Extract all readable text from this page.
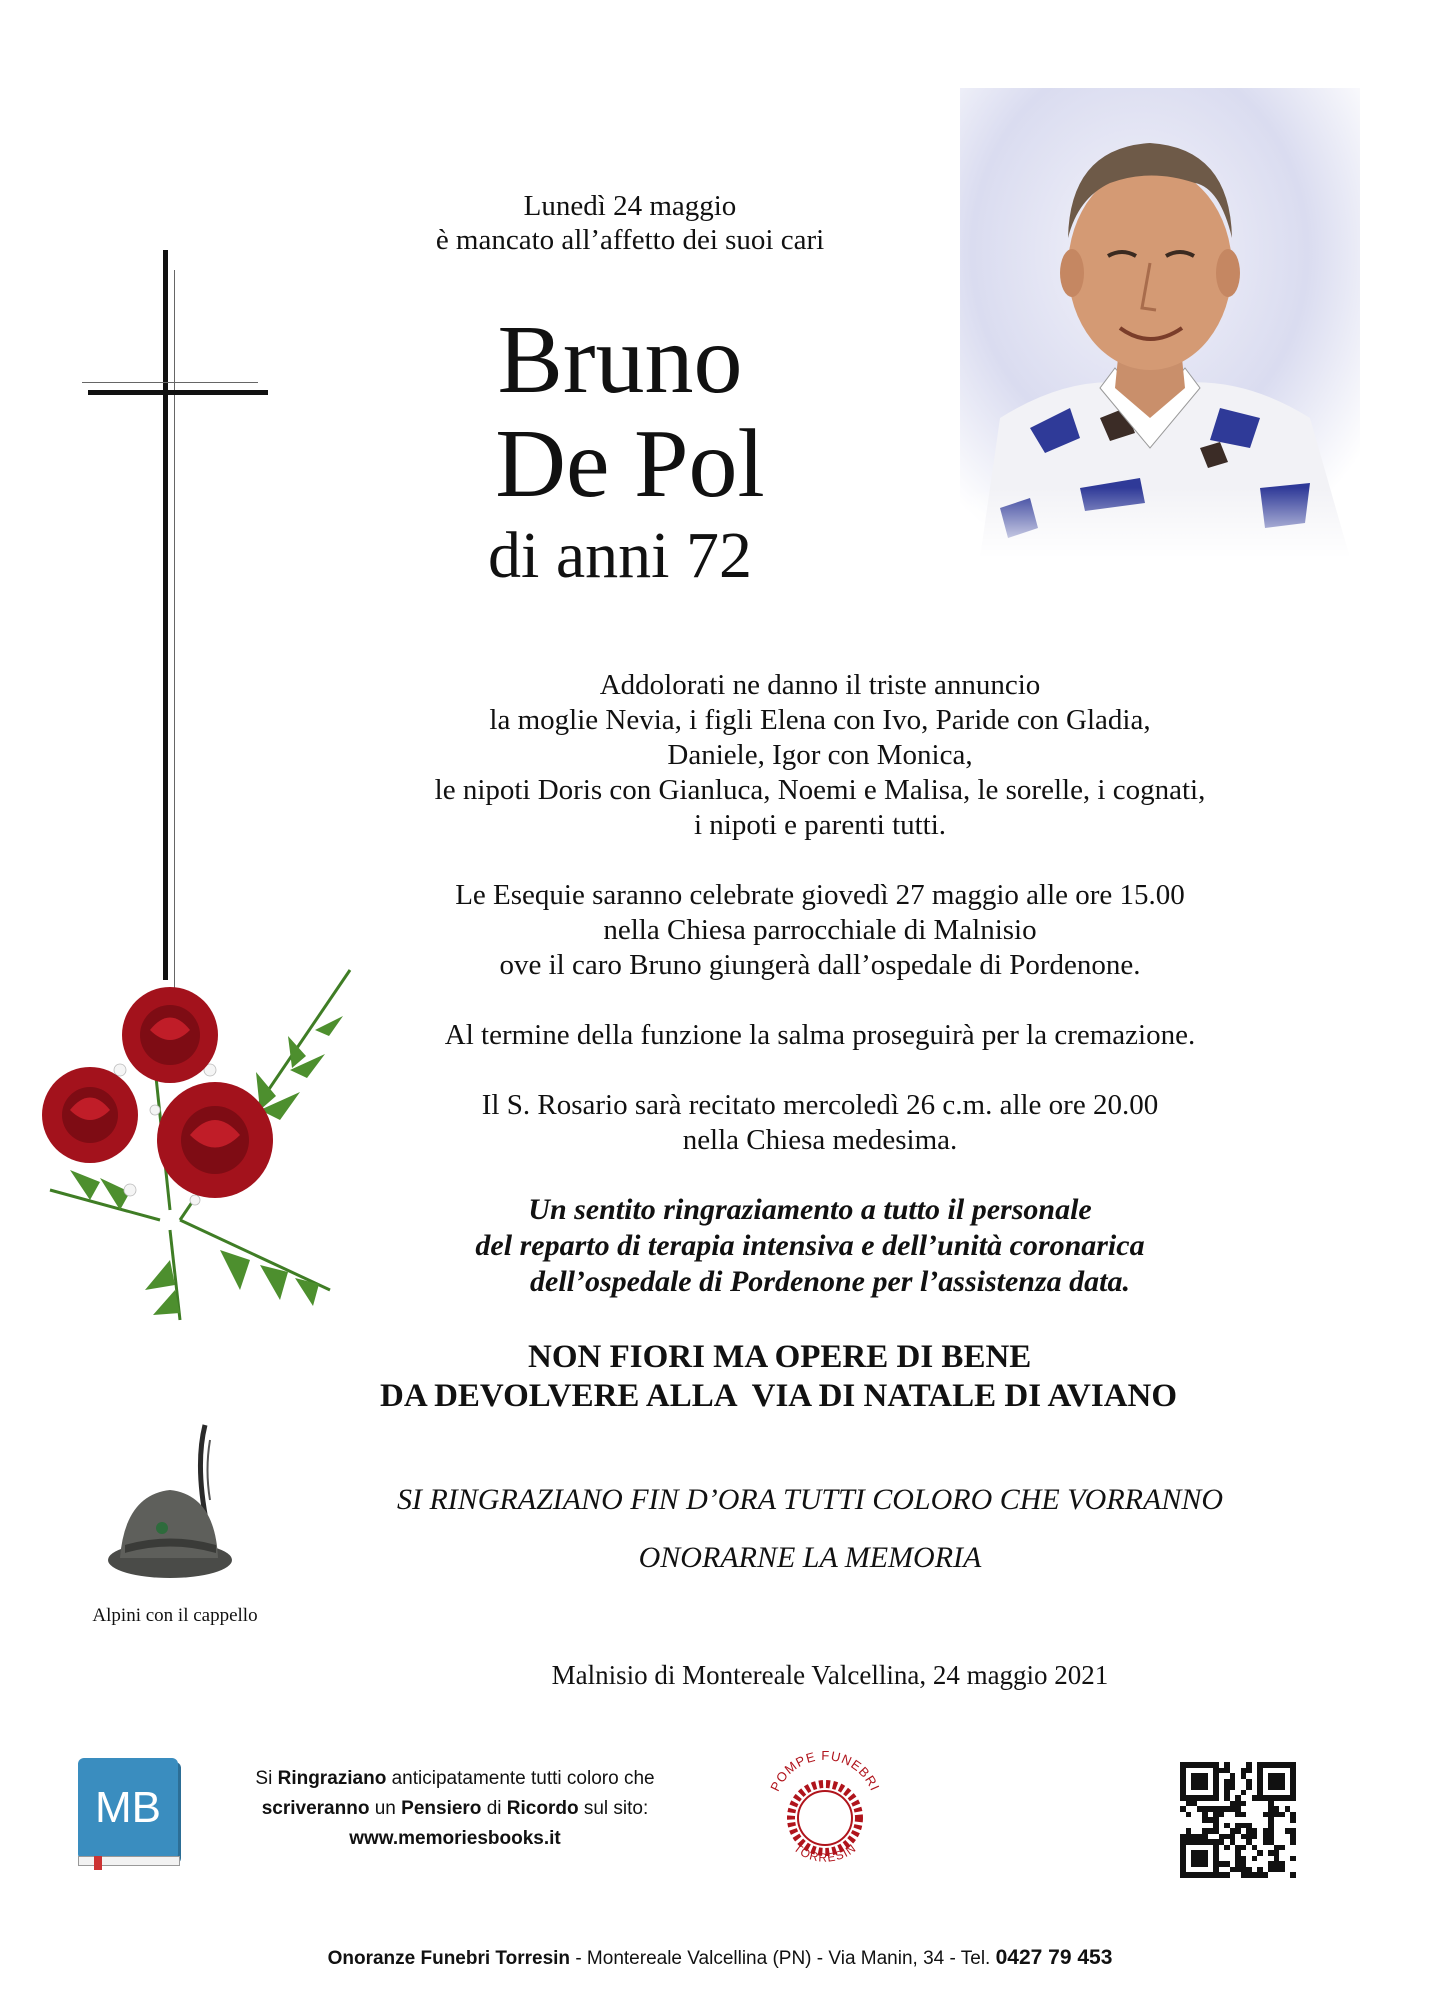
Lunedì 24 maggio
è mancato all’affetto dei suoi cari
Bruno
De Pol
di anni 72
Addolorati ne danno il triste annuncio
la moglie Nevia, i figli Elena con Ivo, Paride con Gladia,
Daniele, Igor con Monica,
le nipoti Doris con Gianluca, Noemi e Malisa, le sorelle, i cognati,
i nipoti e parenti tutti.
Le Esequie saranno celebrate giovedì 27 maggio alle ore 15.00
nella Chiesa parrocchiale di Malnisio
ove il caro Bruno giungerà dall’ospedale di Pordenone.
Al termine della funzione la salma proseguirà per la cremazione.
Il S. Rosario sarà recitato mercoledì 26 c.m. alle ore 20.00
nella Chiesa medesima.
Un sentito ringraziamento a tutto il personale
del reparto di terapia intensiva e dell’unità coronarica
dell’ospedale di Pordenone per l’assistenza data.
NON FIORI MA OPERE DI BENE
DA DEVOLVERE ALLA  VIA DI NATALE DI AVIANO
SI RINGRAZIANO FIN D’ORA TUTTI COLORO CHE VORRANNO
ONORARNE LA MEMORIA
Alpini con il cappello
Malnisio di Montereale Valcellina, 24 maggio 2021
MB
Si Ringraziano anticipatamente tutti coloro che
scriveranno un Pensiero di Ricordo sul sito:
www.memoriesbooks.it
POMPE FUNEBRI
TORRESIN
Onoranze Funebri Torresin - Montereale Valcellina (PN) - Via Manin, 34 - Tel. 0427 79 453
